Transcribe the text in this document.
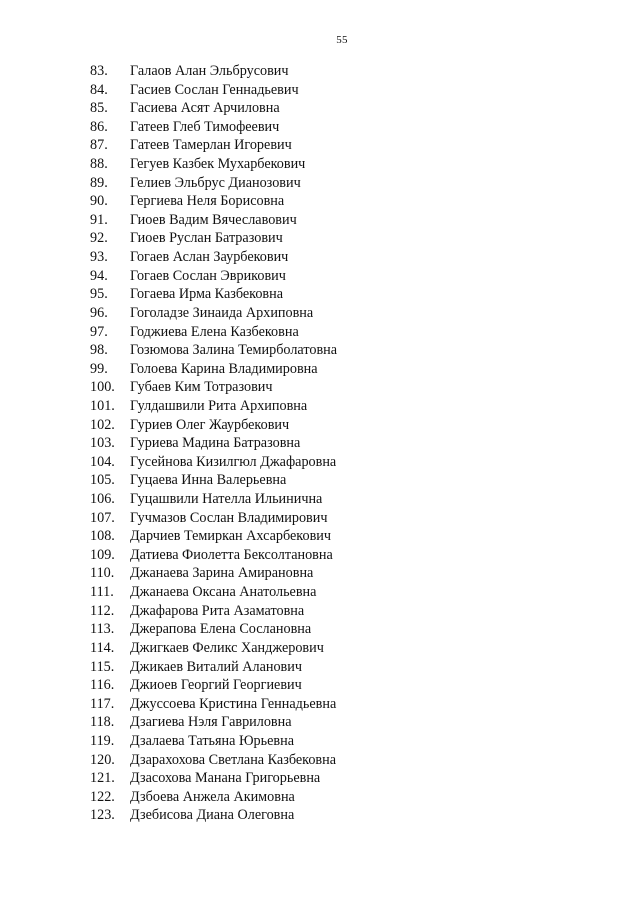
55
83.	Галаов Алан Эльбрусович
84.	Гасиев Сослан Геннадьевич
85.	Гасиева Асят Арчиловна
86.	Гатеев Глеб Тимофеевич
87.	Гатеев Тамерлан Игоревич
88.	Гегуев Казбек Мухарбекович
89.	Гелиев Эльбрус Дианозович
90.	Гергиева Неля Борисовна
91.	Гиоев Вадим Вячеславович
92.	Гиоев Руслан Батразович
93.	Гогаев Аслан Заурбекович
94.	Гогаев Сослан Эврикович
95.	Гогаева Ирма Казбековна
96.	Гоголадзе Зинаида Архиповна
97.	Годжиева Елена Казбековна
98.	Гозюмова Залина Темирболатовна
99.	Голоева Карина Владимировна
100.	Губаев Ким Тотразович
101.	Гулдашвили Рита Архиповна
102.	Гуриев Олег Жаурбекович
103.	Гуриева Мадина Батразовна
104.	Гусейнова Кизилгюл Джафаровна
105.	Гуцаева Инна Валерьевна
106.	Гуцашвили Нателла Ильинична
107.	Гучмазов Сослан Владимирович
108.	Дарчиев Темиркан Ахсарбекович
109.	Датиева Фиолетта Бексолтановна
110.	Джанаева Зарина Амирановна
111.	Джанаева Оксана Анатольевна
112.	Джафарова Рита Азаматовна
113.	Джерапова Елена Сослановна
114.	Джигкаев Феликс Ханджерович
115.	Джикаев Виталий Аланович
116.	Джиоев Георгий Георгиевич
117.	Джуссоева Кристина Геннадьевна
118.	Дзагиева Нэля Гавриловна
119.	Дзалаева Татьяна Юрьевна
120.	Дзарахохова Светлана Казбековна
121.	Дзасохова Манана Григорьевна
122.	Дзбоева Анжела Акимовна
123.	Дзебисова Диана Олеговна
